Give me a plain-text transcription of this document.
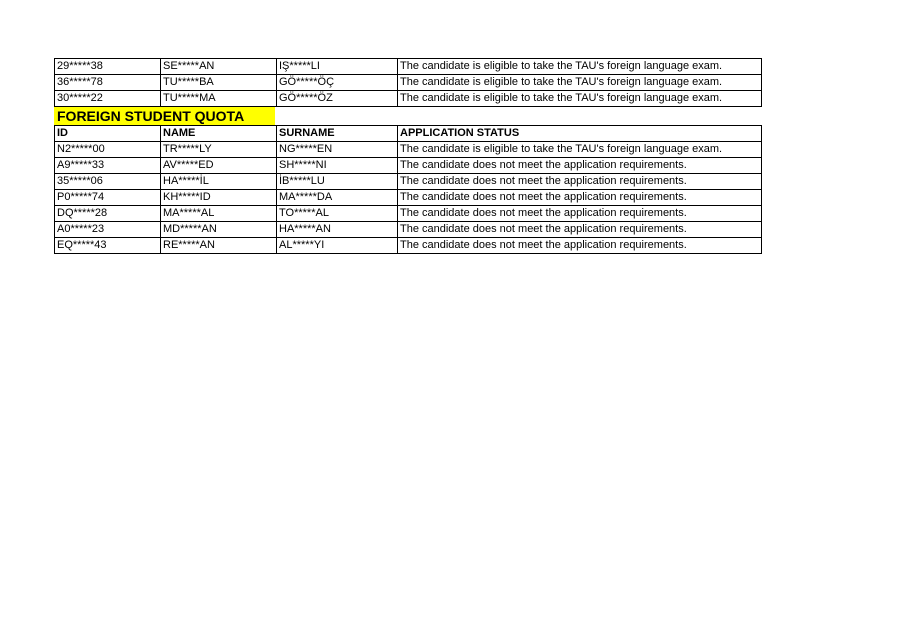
29*****38	SE*****AN	IŞ*****LI	The candidate is eligible to take the TAU's foreign language exam.
36*****78	TU*****BA	GÖ*****ÖÇ	The candidate is eligible to take the TAU's foreign language exam.
30*****22	TU*****MA	GÖ*****ÖZ	The candidate is eligible to take the TAU's foreign language exam.
FOREIGN STUDENT QUOTA
ID	NAME	SURNAME	APPLICATION STATUS
N2*****00	TR*****LY	NG*****EN	The candidate is eligible to take the TAU's foreign language exam.
A9*****33	AV*****ED	SH*****NI	The candidate does not meet the application requirements.
35*****06	HA*****İL	İB*****LU	The candidate does not meet the application requirements.
P0*****74	KH*****ID	MA*****DA	The candidate does not meet the application requirements.
DQ*****28	MA*****AL	TO*****AL	The candidate does not meet the application requirements.
A0*****23	MD*****AN	HA*****AN	The candidate does not meet the application requirements.
EQ*****43	RE*****AN	AL*****YI	The candidate does not meet the application requirements.
